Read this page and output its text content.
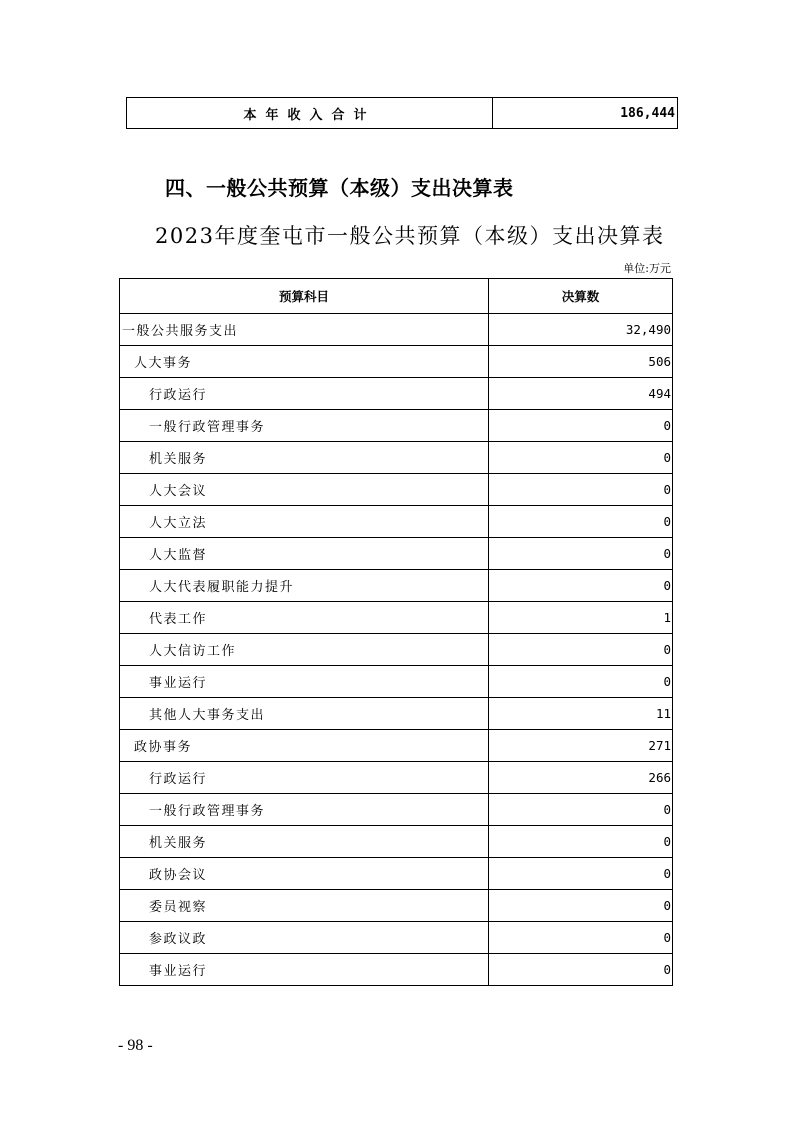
本年收入合计	186,444
四、一般公共预算（本级）支出决算表
2023年度奎屯市一般公共预算（本级）支出决算表
单位:万元
预算科目	决算数
一般公共服务支出	32,490
人大事务	506
行政运行	494
一般行政管理事务	0
机关服务	0
人大会议	0
人大立法	0
人大监督	0
人大代表履职能力提升	0
代表工作	1
人大信访工作	0
事业运行	0
其他人大事务支出	11
政协事务	271
行政运行	266
一般行政管理事务	0
机关服务	0
政协会议	0
委员视察	0
参政议政	0
事业运行	0
- 98 -
